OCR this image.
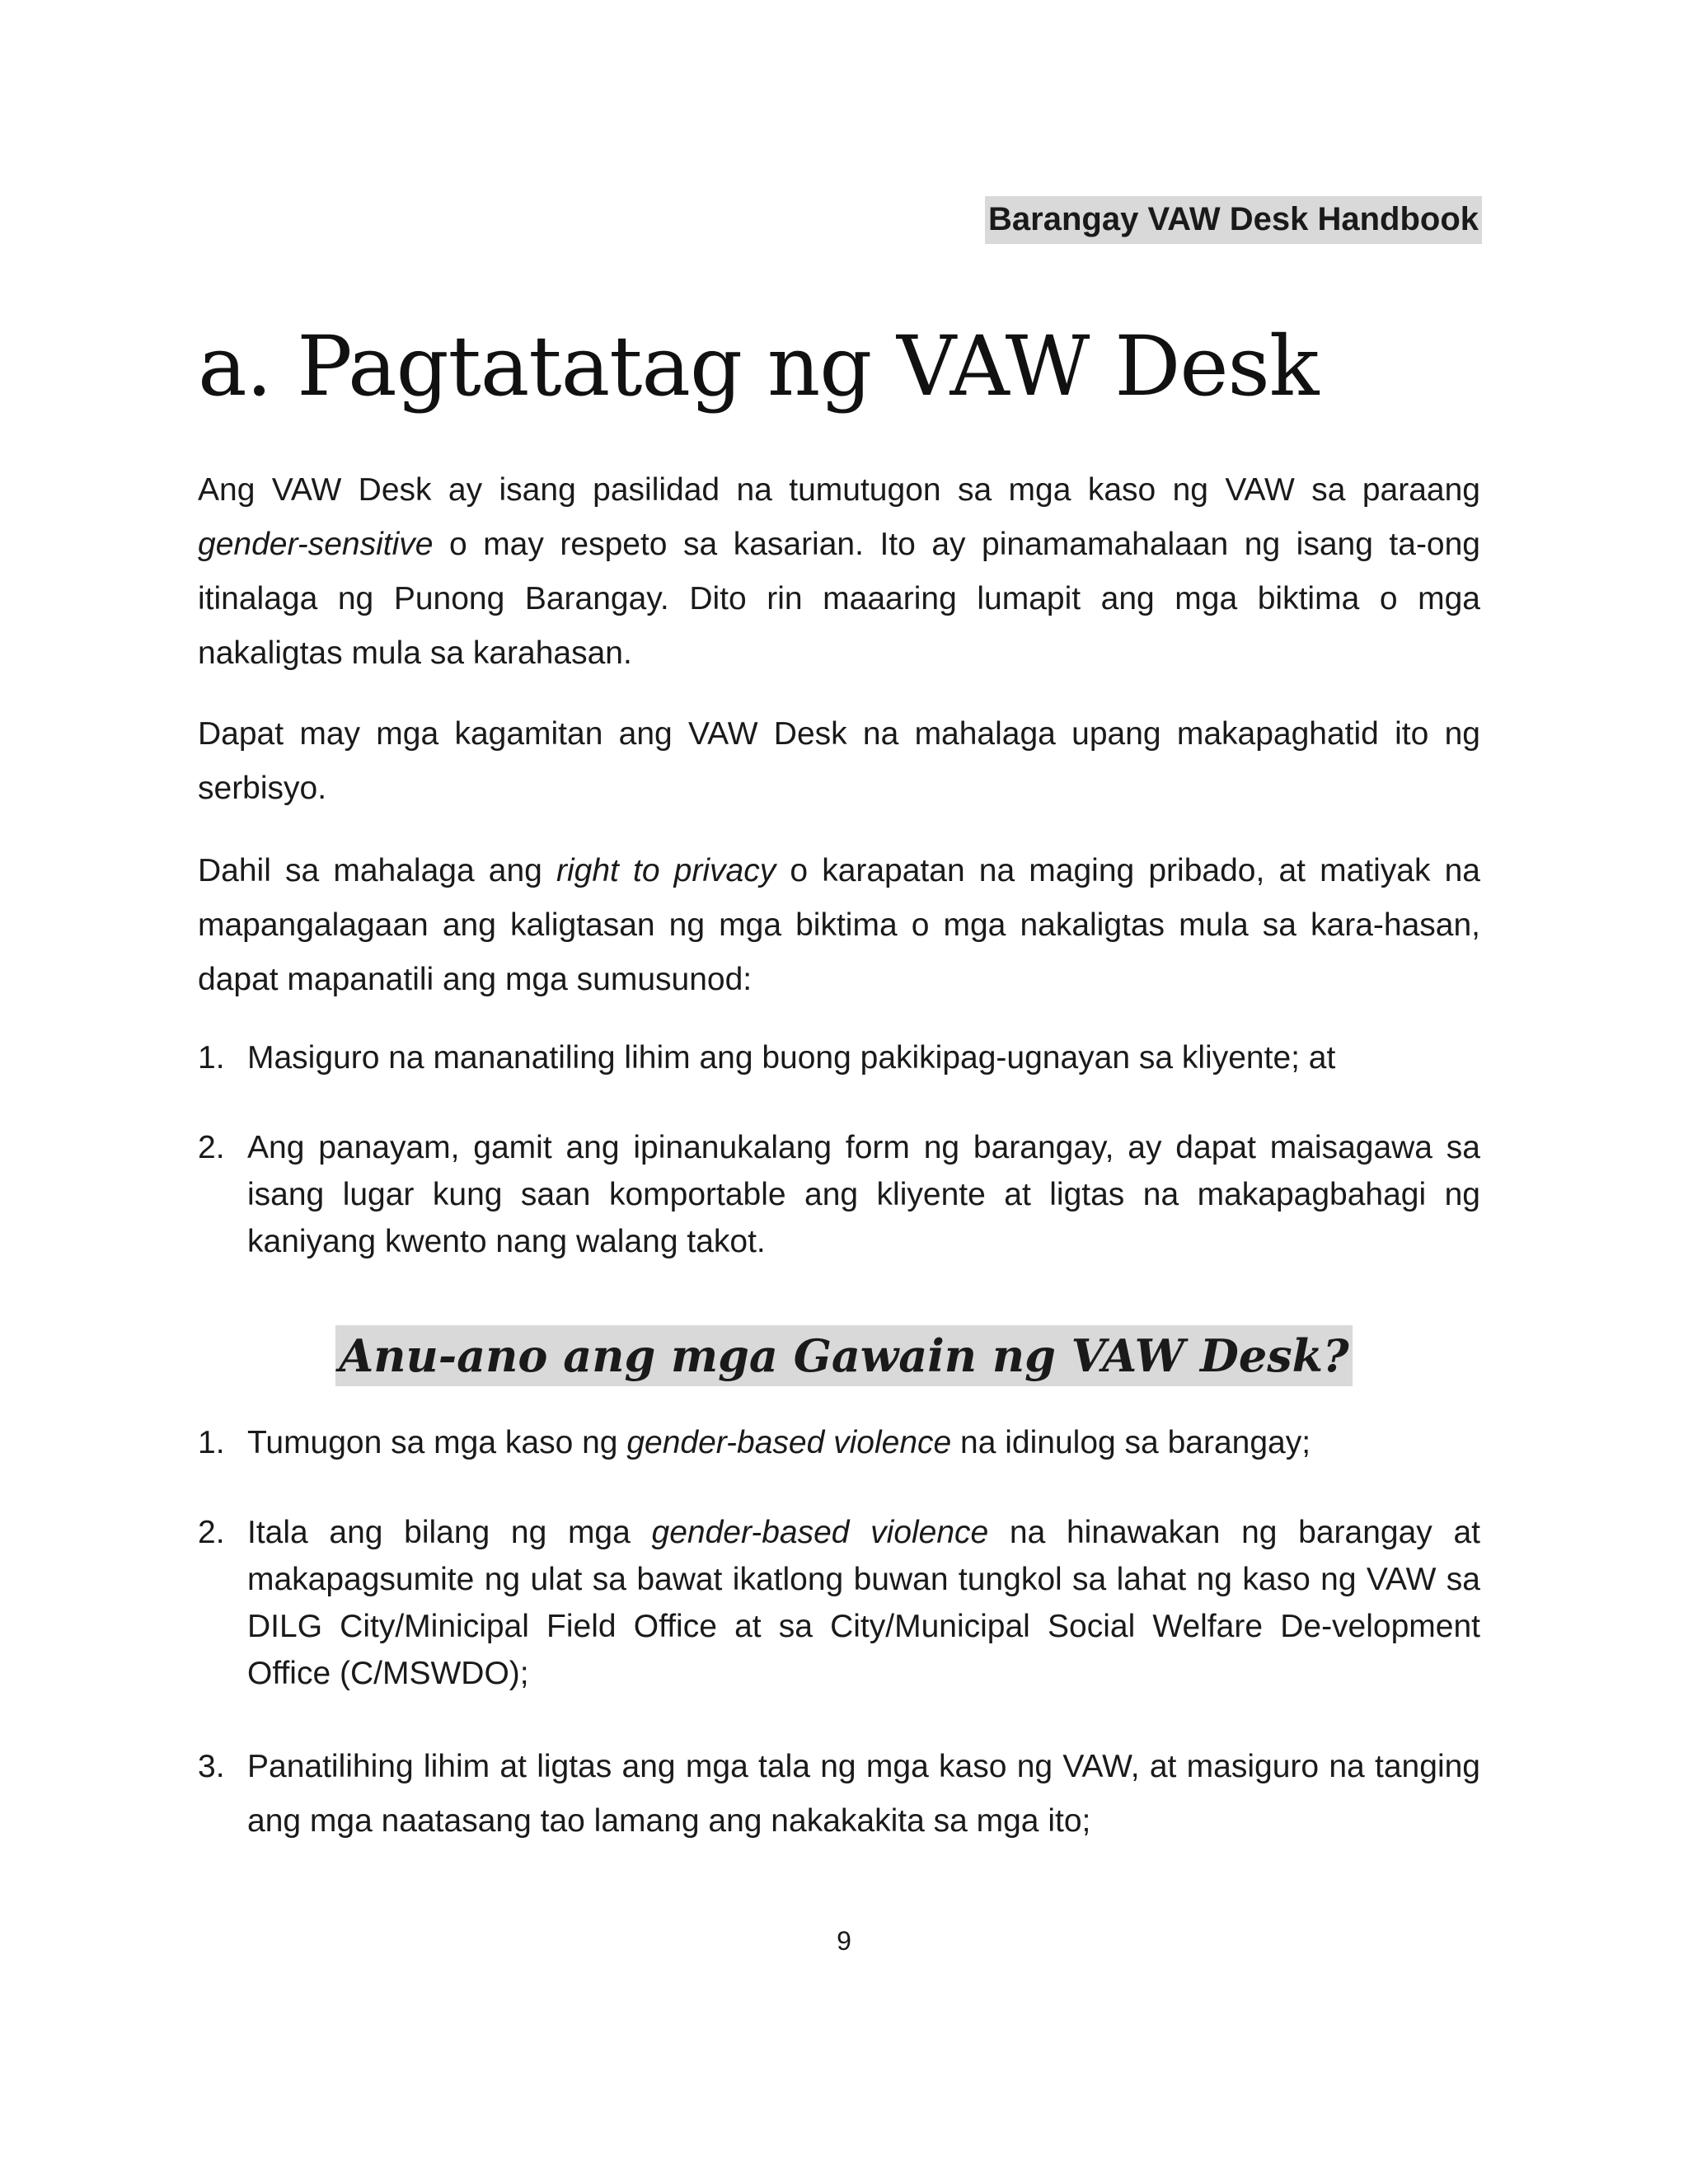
Barangay VAW Desk Handbook
a. Pagtatatag ng VAW Desk

Ang VAW Desk ay isang pasilidad na tumutugon sa mga kaso ng VAW sa paraang gender-sensitive o may respeto sa kasarian. Ito ay pinamamahalaan ng isang ta-ong itinalaga ng Punong Barangay. Dito rin maaaring lumapit ang mga biktima o mga nakaligtas mula sa karahasan.

Dapat may mga kagamitan ang VAW Desk na mahalaga upang makapaghatid ito ng serbisyo.

Dahil sa mahalaga ang right to privacy o karapatan na maging pribado, at matiyak na mapangalagaan ang kaligtasan ng mga biktima o mga nakaligtas mula sa kara-hasan, dapat mapanatili ang mga sumusunod:

1. Masiguro na mananatiling lihim ang buong pakikipag-ugnayan sa kliyente; at
2. Ang panayam, gamit ang ipinanukalang form ng barangay, ay dapat maisagawa sa isang lugar kung saan komportable ang kliyente at ligtas na makapagbahagi ng kaniyang kwento nang walang takot.
Anu-ano ang mga Gawain ng VAW Desk?
1. Tumugon sa mga kaso ng gender-based violence na idinulog sa barangay;
2. Itala ang bilang ng mga gender-based violence na hinawakan ng barangay at makapagsumite ng ulat sa bawat ikatlong buwan tungkol sa lahat ng kaso ng VAW sa DILG City/Minicipal Field Office at sa City/Municipal Social Welfare De-velopment Office (C/MSWDO);
3. Panatilihing lihim at ligtas ang mga tala ng mga kaso ng VAW, at masiguro na tanging ang mga naatasang tao lamang ang nakakakita sa mga ito;
9
